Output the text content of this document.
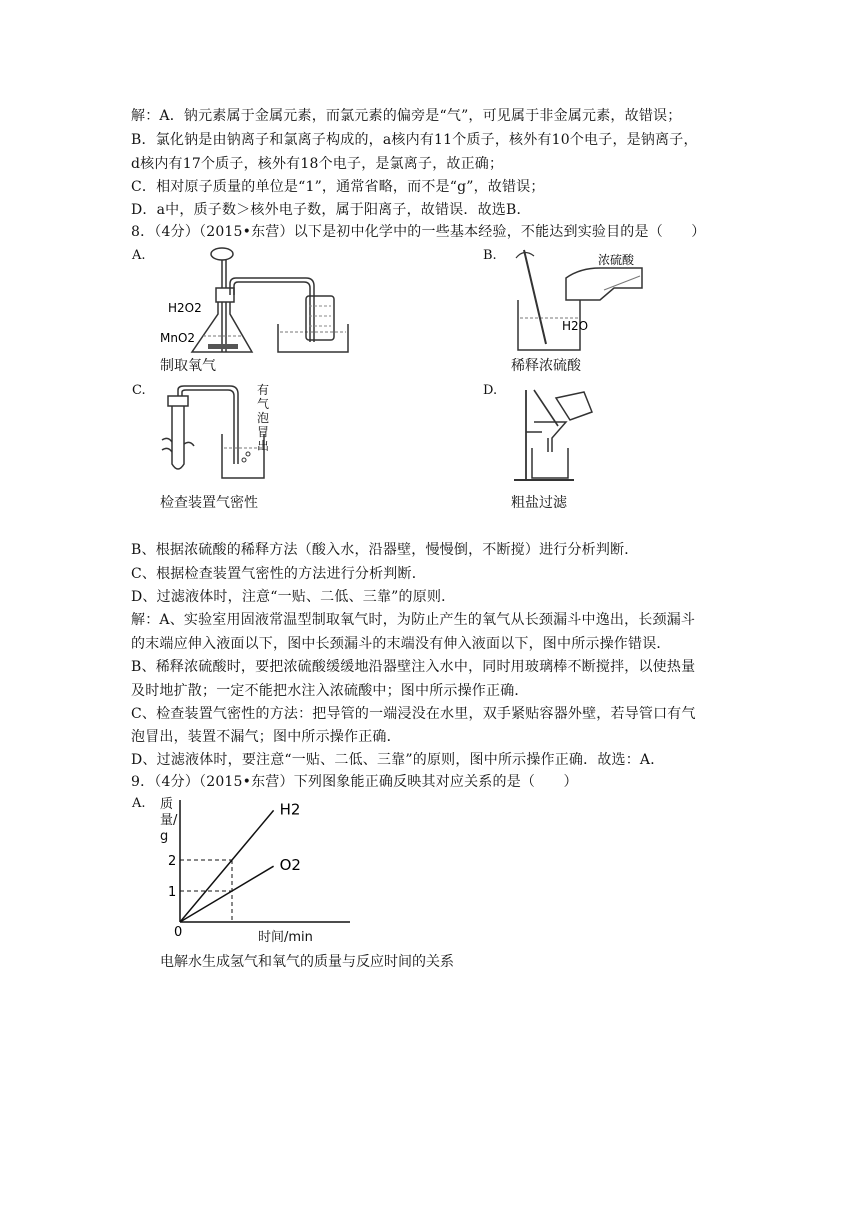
解：A．钠元素属于金属元素，而氯元素的偏旁是“气”，可见属于非金属元素，故错误；
B．氯化钠是由钠离子和氯离子构成的，a核内有11个质子，核外有10个电子，是钠离子，
d核内有17个质子，核外有18个电子，是氯离子，故正确；
C．相对原子质量的单位是“1”，通常省略，而不是“g”，故错误；
D．a中，质子数＞核外电子数，属于阳离子，故错误．故选B．
8．（4分）（2015•东营）以下是初中化学中的一些基本经验，不能达到实验目的是（　　）
A.
H2O2
MnO2
制取氧气
B.	浓硫酸
H2O
稀释浓硫酸
C.	有气泡冒出
检查装置气密性
D.
粗盐过滤
B、根据浓硫酸的稀释方法（酸入水，沿器壁，慢慢倒，不断搅）进行分析判断．
C、根据检查装置气密性的方法进行分析判断．
D、过滤液体时，注意“一贴、二低、三靠”的原则．
解：A、实验室用固液常温型制取氧气时，为防止产生的氧气从长颈漏斗中逸出，长颈漏斗
的末端应伸入液面以下，图中长颈漏斗的末端没有伸入液面以下，图中所示操作错误．
B、稀释浓硫酸时，要把浓硫酸缓缓地沿器壁注入水中，同时用玻璃棒不断搅拌，以使热量
及时地扩散；一定不能把水注入浓硫酸中；图中所示操作正确．
C、检查装置气密性的方法：把导管的一端浸没在水里，双手紧贴容器外壁，若导管口有气
泡冒出，装置不漏气；图中所示操作正确．
D、过滤液体时，要注意“一贴、二低、三靠”的原则，图中所示操作正确．故选：A．
9．（4分）（2015•东营）下列图象能正确反映其对应关系的是（　　）
A.
2
1
0
H2
O2
质量/g
时间/min
电解水生成氢气和氧气的质量与反应时间的关系
